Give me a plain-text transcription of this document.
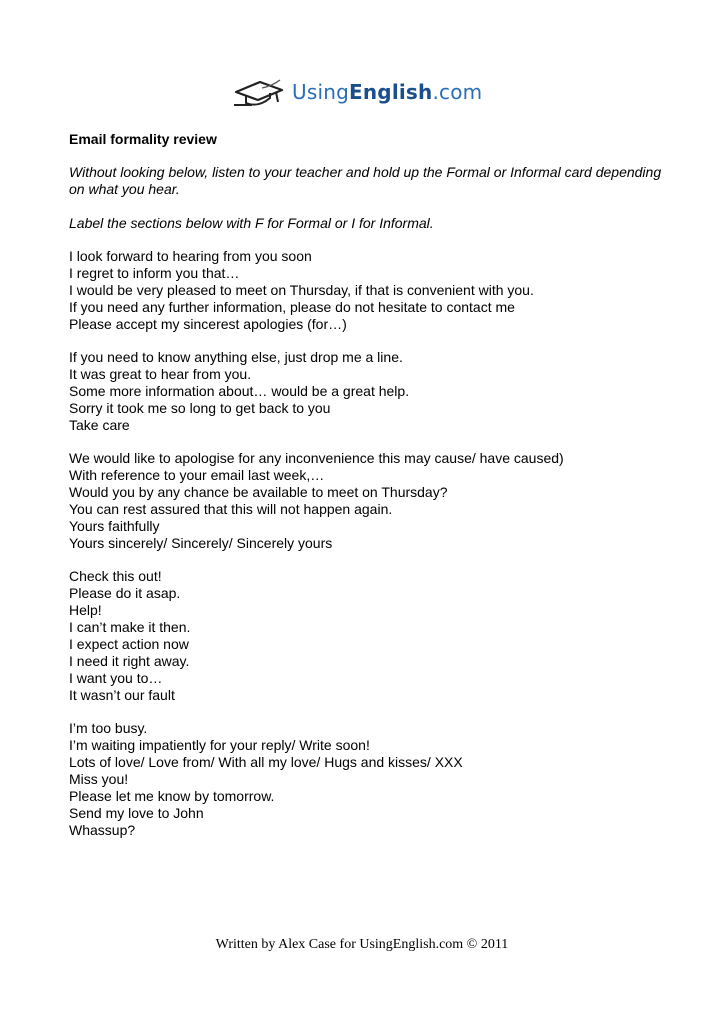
UsingEnglish.com

Email formality review

Without looking below, listen to your teacher and hold up the Formal or Informal card depending on what you hear.

Label the sections below with F for Formal or I for Informal.

I look forward to hearing from you soon
I regret to inform you that…
I would be very pleased to meet on Thursday, if that is convenient with you.
If you need any further information, please do not hesitate to contact me
Please accept my sincerest apologies (for…)
If you need to know anything else, just drop me a line.
It was great to hear from you.
Some more information about… would be a great help.
Sorry it took me so long to get back to you
Take care
We would like to apologise for any inconvenience this may cause/ have caused)
With reference to your email last week,…
Would you by any chance be available to meet on Thursday?
You can rest assured that this will not happen again.
Yours faithfully
Yours sincerely/ Sincerely/ Sincerely yours
Check this out!
Please do it asap.
Help!
I can’t make it then.
I expect action now
I need it right away.
I want you to…
It wasn’t our fault
I’m too busy.
I’m waiting impatiently for your reply/ Write soon!
Lots of love/ Love from/ With all my love/ Hugs and kisses/ XXX
Miss you!
Please let me know by tomorrow.
Send my love to John
Whassup?
Written by Alex Case for UsingEnglish.com © 2011
